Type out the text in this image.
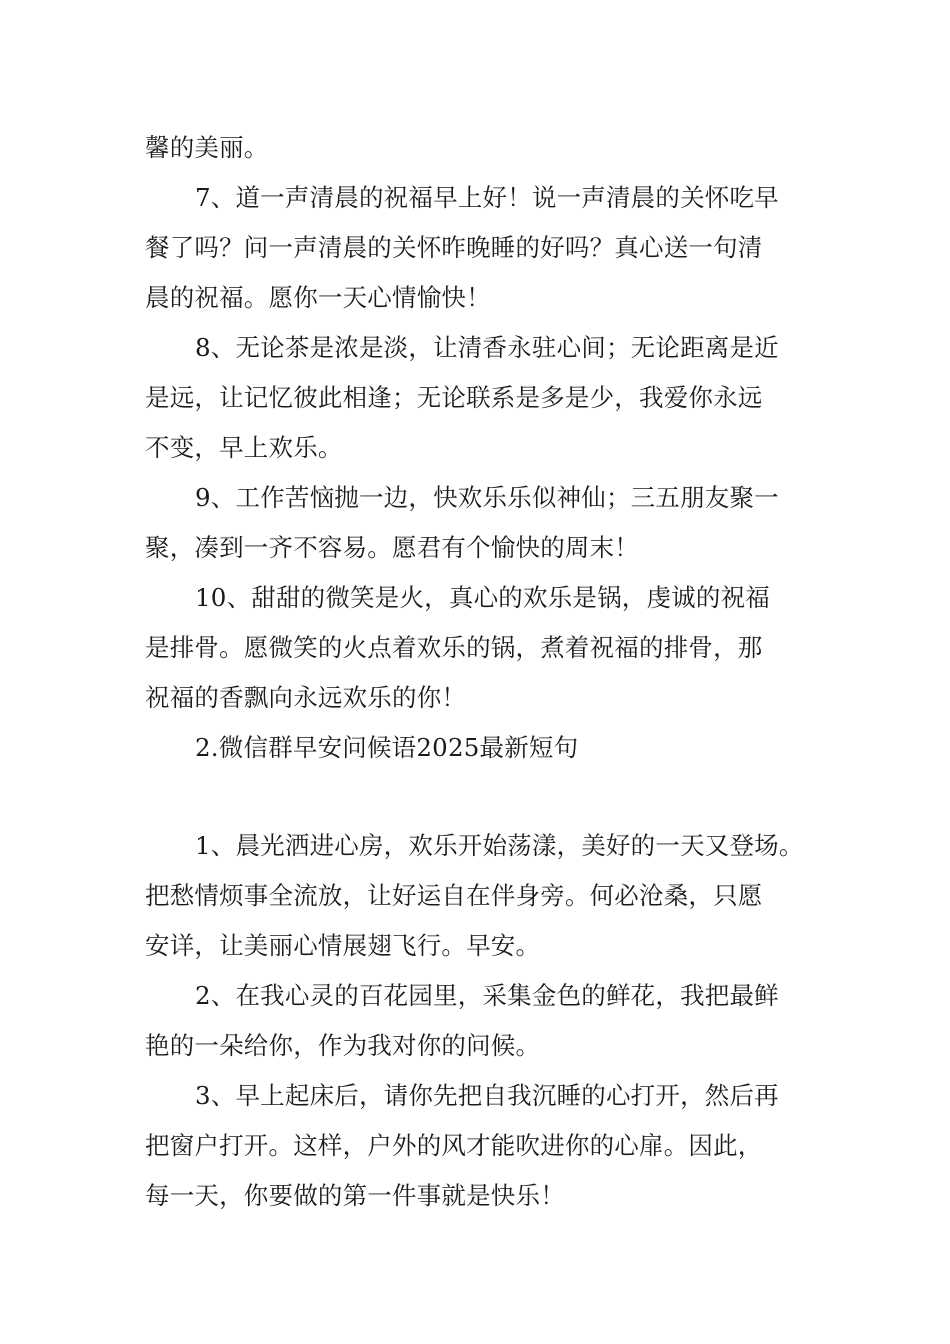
馨的美丽。
7、道一声清晨的祝福早上好！说一声清晨的关怀吃早
餐了吗？问一声清晨的关怀昨晚睡的好吗？真心送一句清
晨的祝福。愿你一天心情愉快！
8、无论茶是浓是淡，让清香永驻心间；无论距离是近
是远，让记忆彼此相逢；无论联系是多是少，我爱你永远
不变，早上欢乐。
9、工作苦恼抛一边，快欢乐乐似神仙；三五朋友聚一
聚，凑到一齐不容易。愿君有个愉快的周末！
10、甜甜的微笑是火，真心的欢乐是锅，虔诚的祝福
是排骨。愿微笑的火点着欢乐的锅，煮着祝福的排骨，那
祝福的香飘向永远欢乐的你！
2.微信群早安问候语2025最新短句
1、晨光洒进心房，欢乐开始荡漾，美好的一天又登场。
把愁情烦事全流放，让好运自在伴身旁。何必沧桑，只愿
安详，让美丽心情展翅飞行。早安。
2、在我心灵的百花园里，采集金色的鲜花，我把最鲜
艳的一朵给你，作为我对你的问候。
3、早上起床后，请你先把自我沉睡的心打开，然后再
把窗户打开。这样，户外的风才能吹进你的心扉。因此，
每一天，你要做的第一件事就是快乐！
